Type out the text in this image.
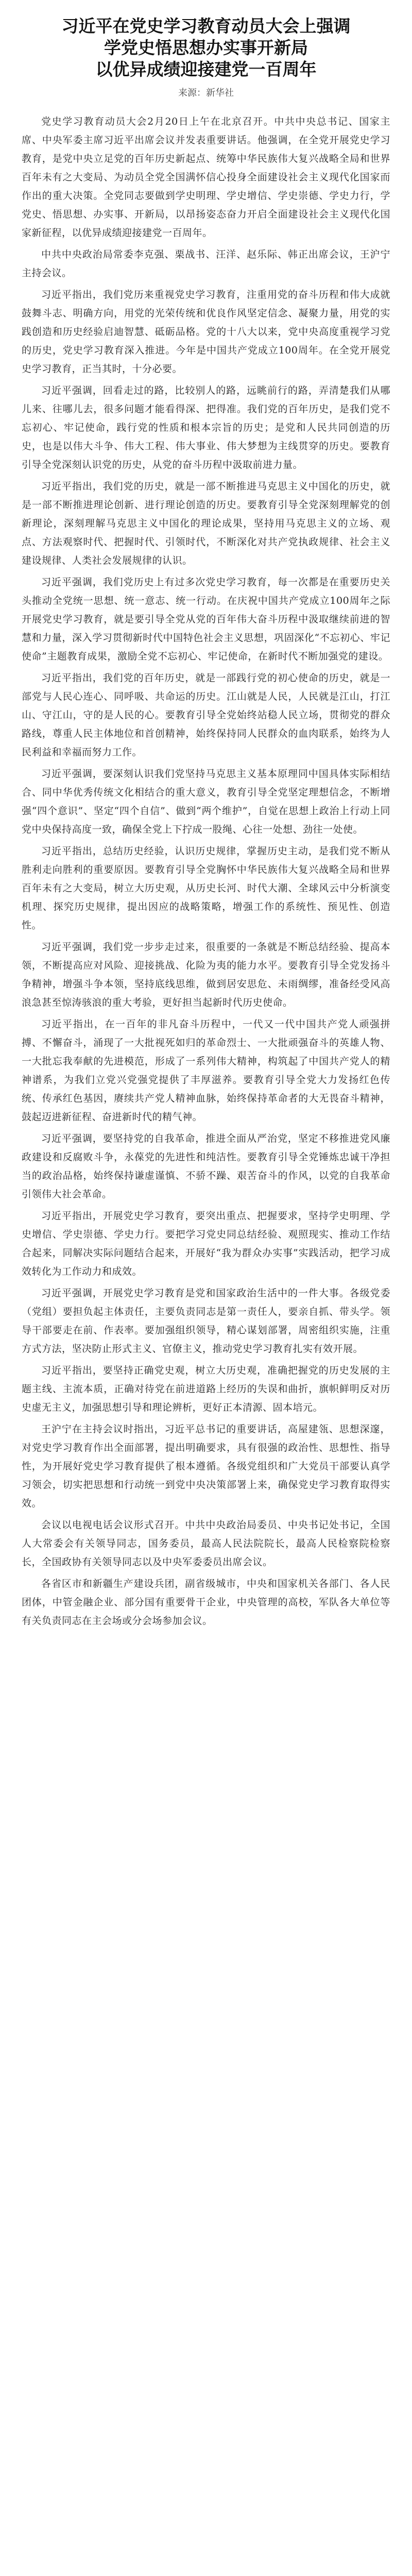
习近平在党史学习教育动员大会上强调
学党史悟思想办实事开新局
以优异成绩迎接建党一百周年
来源：新华社

党史学习教育动员大会2月20日上午在北京召开。中共中央总书记、国家主席、中央军委主席习近平出席会议并发表重要讲话。他强调，在全党开展党史学习教育，是党中央立足党的百年历史新起点、统筹中华民族伟大复兴战略全局和世界百年未有之大变局、为动员全党全国满怀信心投身全面建设社会主义现代化国家而作出的重大决策。全党同志要做到学史明理、学史增信、学史崇德、学史力行，学党史、悟思想、办实事、开新局，以昂扬姿态奋力开启全面建设社会主义现代化国家新征程，以优异成绩迎接建党一百周年。

中共中央政治局常委李克强、栗战书、汪洋、赵乐际、韩正出席会议，王沪宁主持会议。

习近平指出，我们党历来重视党史学习教育，注重用党的奋斗历程和伟大成就鼓舞斗志、明确方向，用党的光荣传统和优良作风坚定信念、凝聚力量，用党的实践创造和历史经验启迪智慧、砥砺品格。党的十八大以来，党中央高度重视学习党的历史，党史学习教育深入推进。今年是中国共产党成立100周年。在全党开展党史学习教育，正当其时，十分必要。

习近平强调，回看走过的路，比较别人的路，远眺前行的路，弄清楚我们从哪儿来、往哪儿去，很多问题才能看得深、把得准。我们党的百年历史，是我们党不忘初心、牢记使命，践行党的性质和根本宗旨的历史；是党和人民共同创造的历史，也是以伟大斗争、伟大工程、伟大事业、伟大梦想为主线贯穿的历史。要教育引导全党深刻认识党的历史，从党的奋斗历程中汲取前进力量。

习近平指出，我们党的历史，就是一部不断推进马克思主义中国化的历史，就是一部不断推进理论创新、进行理论创造的历史。要教育引导全党深刻理解党的创新理论，深刻理解马克思主义中国化的理论成果，坚持用马克思主义的立场、观点、方法观察时代、把握时代、引领时代，不断深化对共产党执政规律、社会主义建设规律、人类社会发展规律的认识。

习近平强调，我们党历史上有过多次党史学习教育，每一次都是在重要历史关头推动全党统一思想、统一意志、统一行动。在庆祝中国共产党成立100周年之际开展党史学习教育，就是要引导全党从党的百年伟大奋斗历程中汲取继续前进的智慧和力量，深入学习贯彻新时代中国特色社会主义思想，巩固深化“不忘初心、牢记使命”主题教育成果，激励全党不忘初心、牢记使命，在新时代不断加强党的建设。

习近平指出，我们党的百年历史，就是一部践行党的初心使命的历史，就是一部党与人民心连心、同呼吸、共命运的历史。江山就是人民，人民就是江山，打江山、守江山，守的是人民的心。要教育引导全党始终站稳人民立场，贯彻党的群众路线，尊重人民主体地位和首创精神，始终保持同人民群众的血肉联系，始终为人民利益和幸福而努力工作。

习近平强调，要深刻认识我们党坚持马克思主义基本原理同中国具体实际相结合、同中华优秀传统文化相结合的重大意义，教育引导全党坚定理想信念，不断增强“四个意识”、坚定“四个自信”、做到“两个维护”，自觉在思想上政治上行动上同党中央保持高度一致，确保全党上下拧成一股绳、心往一处想、劲往一处使。

习近平指出，总结历史经验，认识历史规律，掌握历史主动，是我们党不断从胜利走向胜利的重要原因。要教育引导全党胸怀中华民族伟大复兴战略全局和世界百年未有之大变局，树立大历史观，从历史长河、时代大潮、全球风云中分析演变机理、探究历史规律，提出因应的战略策略，增强工作的系统性、预见性、创造性。

习近平强调，我们党一步步走过来，很重要的一条就是不断总结经验、提高本领，不断提高应对风险、迎接挑战、化险为夷的能力水平。要教育引导全党发扬斗争精神，增强斗争本领，坚持底线思维，做到居安思危、未雨绸缪，准备经受风高浪急甚至惊涛骇浪的重大考验，更好担当起新时代历史使命。

习近平指出，在一百年的非凡奋斗历程中，一代又一代中国共产党人顽强拼搏、不懈奋斗，涌现了一大批视死如归的革命烈士、一大批顽强奋斗的英雄人物、一大批忘我奉献的先进模范，形成了一系列伟大精神，构筑起了中国共产党人的精神谱系，为我们立党兴党强党提供了丰厚滋养。要教育引导全党大力发扬红色传统、传承红色基因，赓续共产党人精神血脉，始终保持革命者的大无畏奋斗精神，鼓起迈进新征程、奋进新时代的精气神。

习近平强调，要坚持党的自我革命，推进全面从严治党，坚定不移推进党风廉政建设和反腐败斗争，永葆党的先进性和纯洁性。要教育引导全党锤炼忠诚干净担当的政治品格，始终保持谦虚谨慎、不骄不躁、艰苦奋斗的作风，以党的自我革命引领伟大社会革命。

习近平指出，开展党史学习教育，要突出重点、把握要求，坚持学史明理、学史增信、学史崇德、学史力行。要把学习党史同总结经验、观照现实、推动工作结合起来，同解决实际问题结合起来，开展好“我为群众办实事”实践活动，把学习成效转化为工作动力和成效。

习近平强调，开展党史学习教育是党和国家政治生活中的一件大事。各级党委（党组）要担负起主体责任，主要负责同志是第一责任人，要亲自抓、带头学。领导干部要走在前、作表率。要加强组织领导，精心谋划部署，周密组织实施，注重方式方法，坚决防止形式主义、官僚主义，推动党史学习教育扎实有效开展。

习近平指出，要坚持正确党史观，树立大历史观，准确把握党的历史发展的主题主线、主流本质，正确对待党在前进道路上经历的失误和曲折，旗帜鲜明反对历史虚无主义，加强思想引导和理论辨析，更好正本清源、固本培元。

王沪宁在主持会议时指出，习近平总书记的重要讲话，高屋建瓴、思想深邃，对党史学习教育作出全面部署，提出明确要求，具有很强的政治性、思想性、指导性，为开展好党史学习教育提供了根本遵循。各级党组织和广大党员干部要认真学习领会，切实把思想和行动统一到党中央决策部署上来，确保党史学习教育取得实效。

会议以电视电话会议形式召开。中共中央政治局委员、中央书记处书记，全国人大常委会有关领导同志，国务委员，最高人民法院院长，最高人民检察院检察长，全国政协有关领导同志以及中央军委委员出席会议。

各省区市和新疆生产建设兵团，副省级城市，中央和国家机关各部门、各人民团体，中管金融企业、部分国有重要骨干企业，中央管理的高校，军队各大单位等有关负责同志在主会场或分会场参加会议。
